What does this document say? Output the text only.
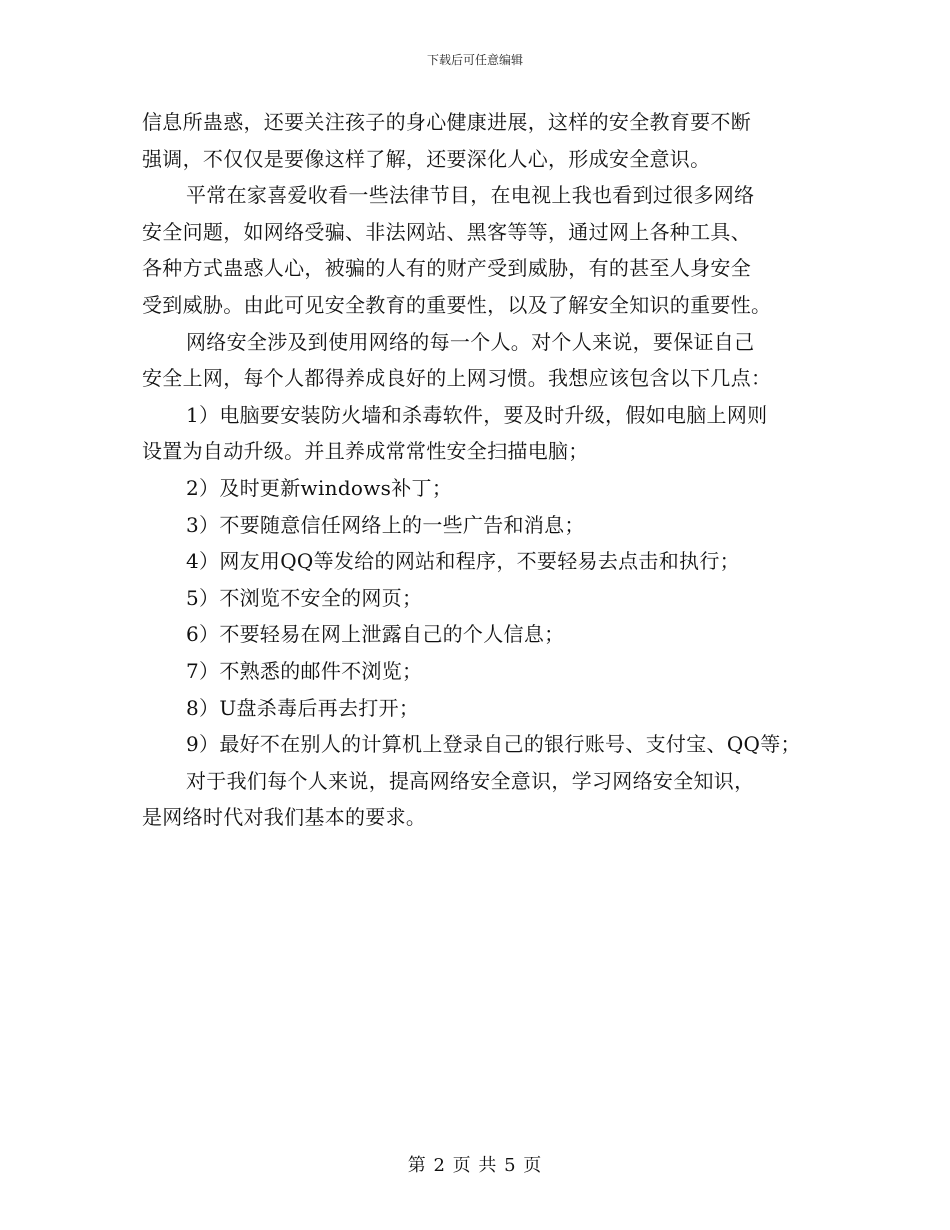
下载后可任意编辑
信息所蛊惑，还要关注孩子的身心健康进展，这样的安全教育要不断
强调，不仅仅是要像这样了解，还要深化人心，形成安全意识。
平常在家喜爱收看一些法律节目，在电视上我也看到过很多网络
安全问题，如网络受骗、非法网站、黑客等等，通过网上各种工具、
各种方式蛊惑人心，被骗的人有的财产受到威胁，有的甚至人身安全
受到威胁。由此可见安全教育的重要性，以及了解安全知识的重要性。
网络安全涉及到使用网络的每一个人。对个人来说，要保证自己
安全上网，每个人都得养成良好的上网习惯。我想应该包含以下几点：
1）电脑要安装防火墙和杀毒软件，要及时升级，假如电脑上网则
设置为自动升级。并且养成常常性安全扫描电脑；
2）及时更新windows补丁；
3）不要随意信任网络上的一些广告和消息；
4）网友用QQ等发给的网站和程序，不要轻易去点击和执行；
5）不浏览不安全的网页；
6）不要轻易在网上泄露自己的个人信息；
7）不熟悉的邮件不浏览；
8）U盘杀毒后再去打开；
9）最好不在别人的计算机上登录自己的银行账号、支付宝、QQ等；
对于我们每个人来说，提高网络安全意识，学习网络安全知识，
是网络时代对我们基本的要求。
第 2 页 共 5 页
